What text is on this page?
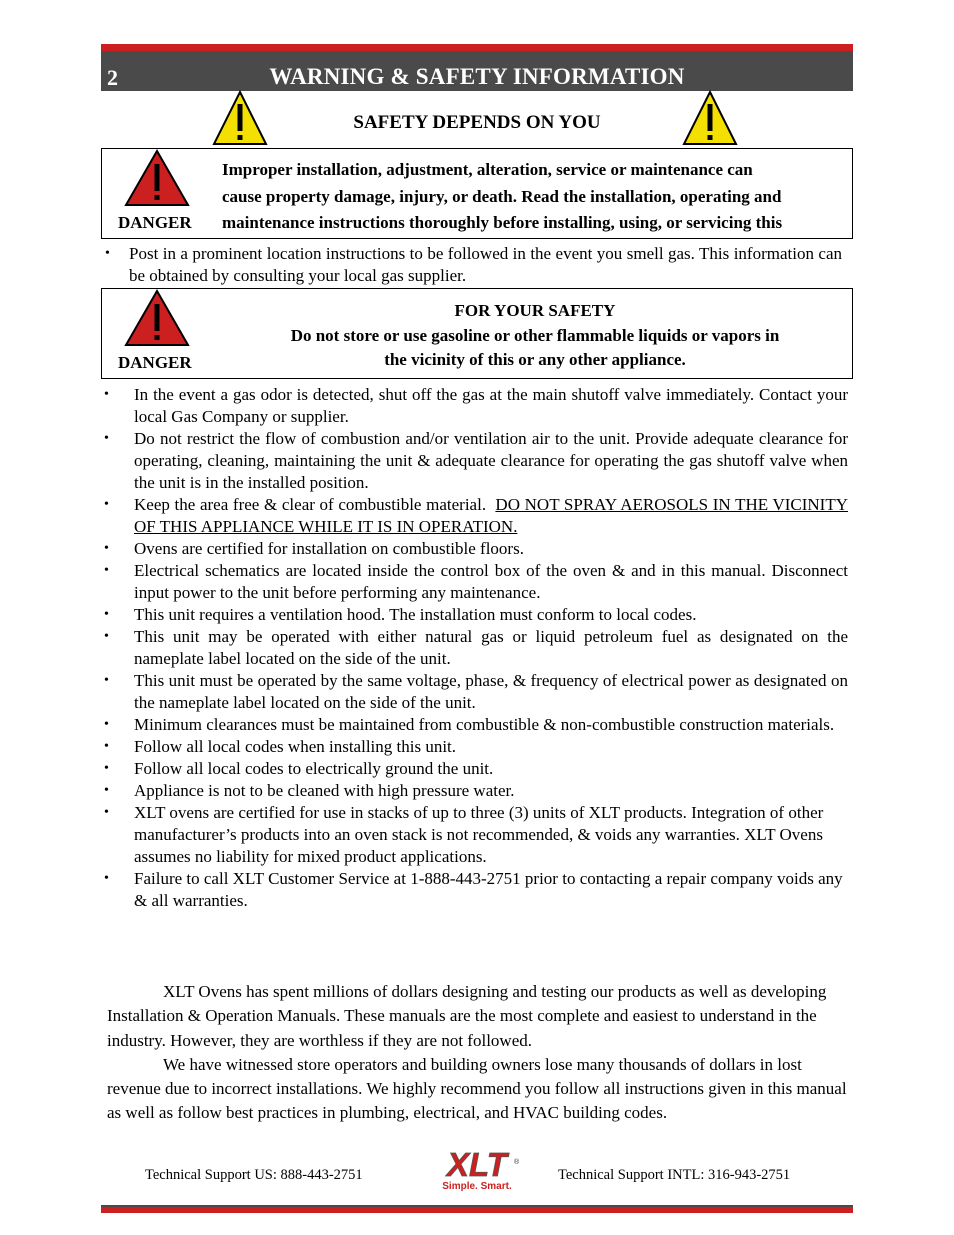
2	WARNING & SAFETY INFORMATION
SAFETY DEPENDS ON YOU
DANGER
Improper installation, adjustment, alteration, service or maintenance can
cause property damage, injury, or death. Read the installation, operating and
maintenance instructions thoroughly before installing, using, or servicing this
• Post in a prominent location instructions to be followed in the event you smell gas. This information can be obtained by consulting your local gas supplier.
DANGER
FOR YOUR SAFETY
Do not store or use gasoline or other flammable liquids or vapors in
the vicinity of this or any other appliance.
• In the event a gas odor is detected, shut off the gas at the main shutoff valve immediately. Contact your local Gas Company or supplier.
• Do not restrict the flow of combustion and/or ventilation air to the unit. Provide adequate clearance for operating, cleaning, maintaining the unit & adequate clearance for operating the gas shutoff valve when the unit is in the installed position.
• Keep the area free & clear of combustible material. DO NOT SPRAY AEROSOLS IN THE VICINITY OF THIS APPLIANCE WHILE IT IS IN OPERATION.
• Ovens are certified for installation on combustible floors.
• Electrical schematics are located inside the control box of the oven & and in this manual. Disconnect input power to the unit before performing any maintenance.
• This unit requires a ventilation hood. The installation must conform to local codes.
• This unit may be operated with either natural gas or liquid petroleum fuel as designated on the nameplate label located on the side of the unit.
• This unit must be operated by the same voltage, phase, & frequency of electrical power as designated on the nameplate label located on the side of the unit.
• Minimum clearances must be maintained from combustible & non-combustible construction materials.
• Follow all local codes when installing this unit.
• Follow all local codes to electrically ground the unit.
• Appliance is not to be cleaned with high pressure water.
• XLT ovens are certified for use in stacks of up to three (3) units of XLT products. Integration of other manufacturer’s products into an oven stack is not recommended, & voids any warranties. XLT Ovens assumes no liability for mixed product applications.
• Failure to call XLT Customer Service at 1-888-443-2751 prior to contacting a repair company voids any & all warranties.

XLT Ovens has spent millions of dollars designing and testing our products as well as developing Installation & Operation Manuals. These manuals are the most complete and easiest to understand in the industry. However, they are worthless if they are not followed.

We have witnessed store operators and building owners lose many thousands of dollars in lost revenue due to incorrect installations. We highly recommend you follow all instructions given in this manual as well as follow best practices in plumbing, electrical, and HVAC building codes.

Technical Support US: 888-443-2751	XLT	®
Simple. Smart.
Technical Support INTL: 316-943-2751
